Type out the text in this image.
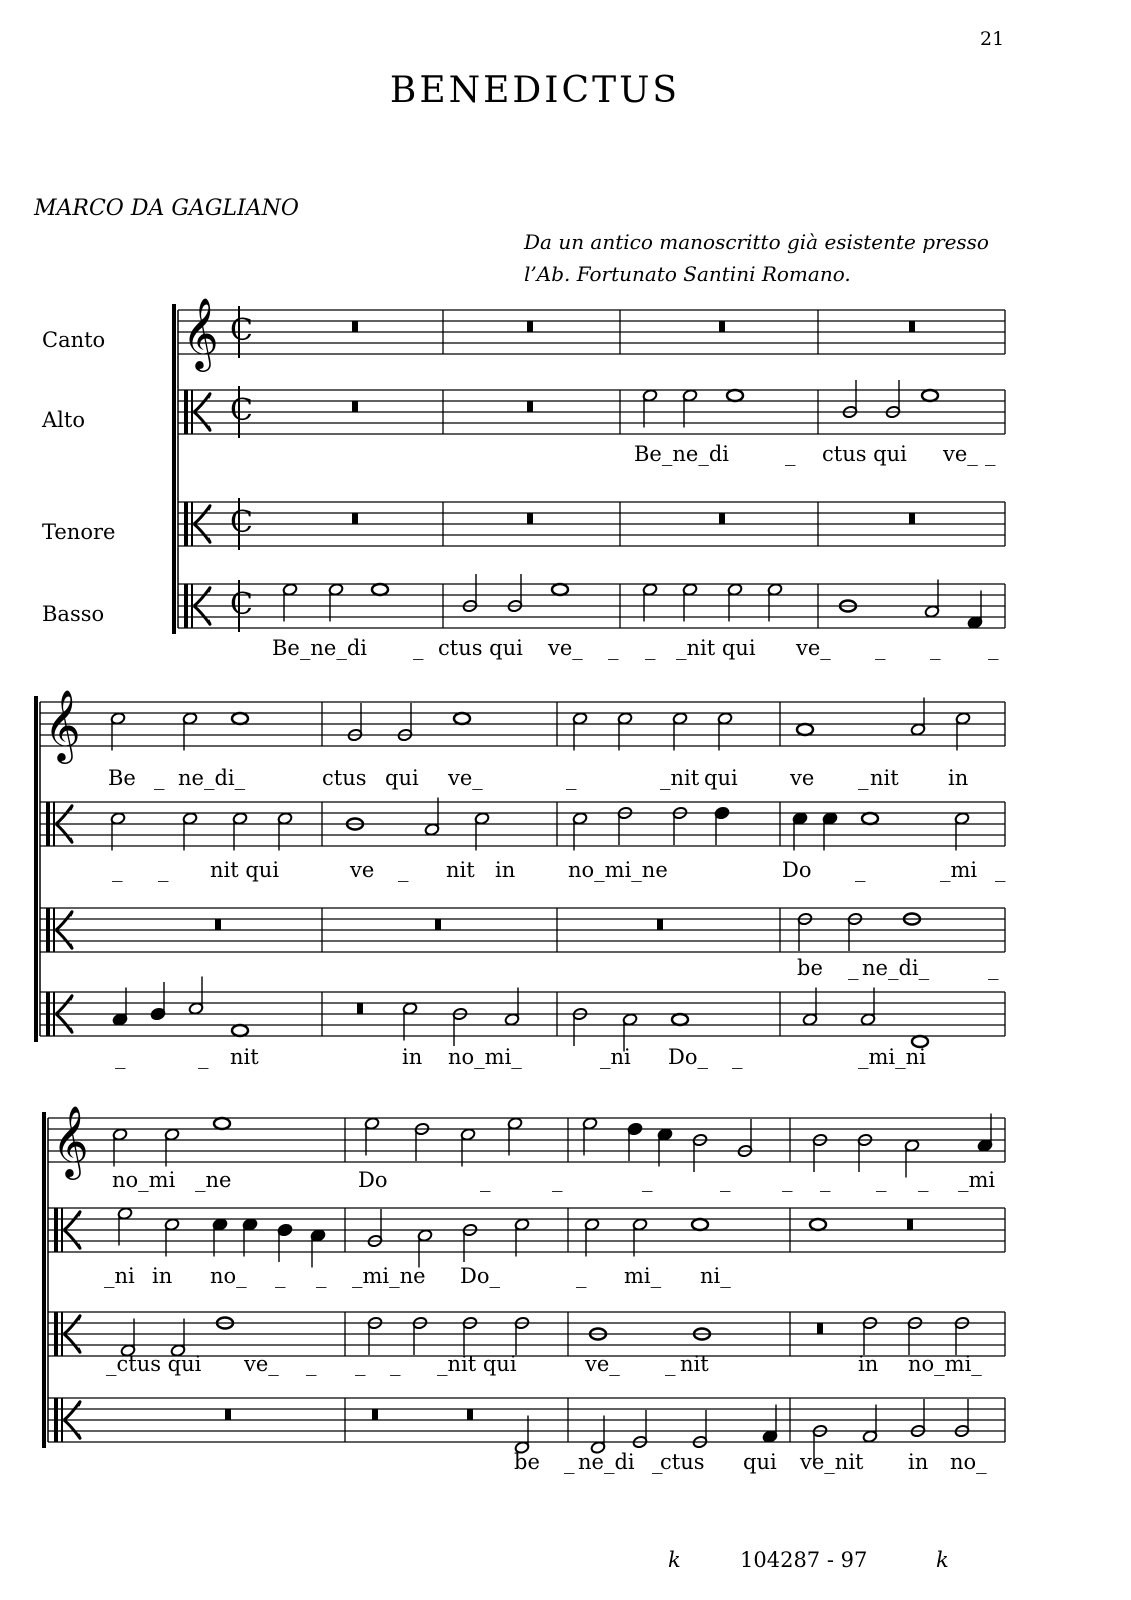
21
BENEDICTUS
MARCO DA GAGLIANO
Da un antico manoscritto già esistente presso
l’Ab. Fortunato Santini Romano.
Canto
Alto
Tenore
Basso
𝄞 C
C
C
C
𝄞
𝄞
Be_ne_di	_ ctus qui ve_ _
Be_ne_di _ ctus qui ve_ _ _ _nit qui ve_ _ _ _
Be _ ne_di_	ctus qui ve_	_	_nit qui ve _ nit in
_ _ nit qui	ve _ nit in	no_mi_ne	Do _	_mi _
be _ ne_di_	_
_	_ nit	in no_mi_	_ni Do_ _	_mi_ni
no_mi _ne	Do	_	_	_	_ _ _ _ _ _mi
_ni in no_ _ _ _mi_ne Do_	_ mi_ ni_
_ctus qui ve_ _ _ _ _nit qui	ve_ _ nit	in no_mi_
be _ ne_di _
ctus qui ve_nit in no_
k	104287 - 97	k
